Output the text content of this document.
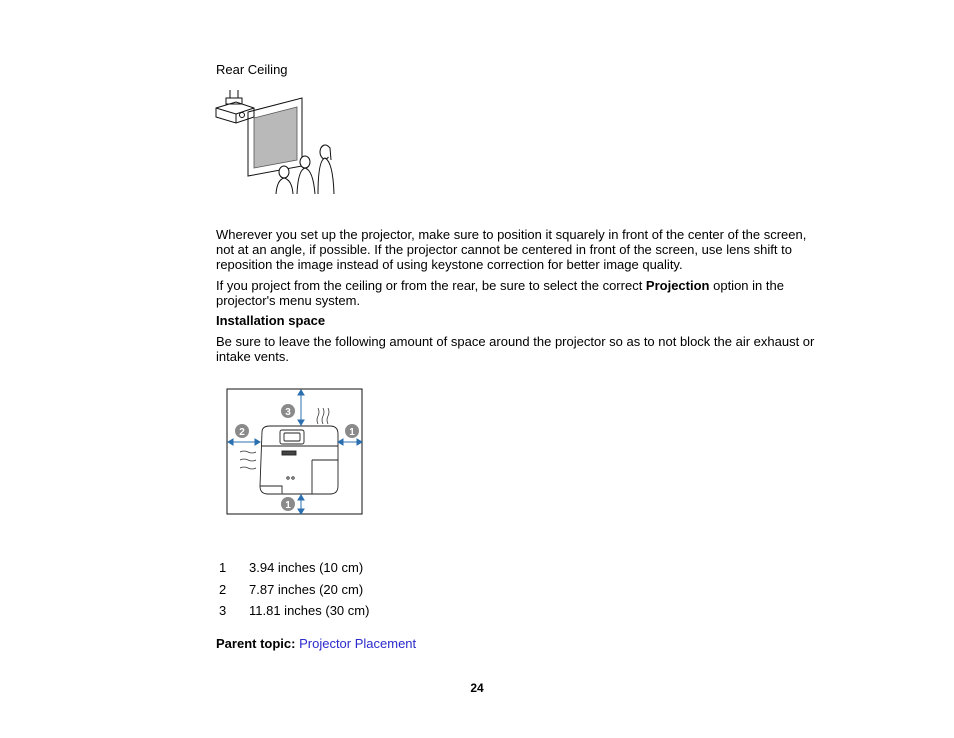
Rear Ceiling
Wherever you set up the projector, make sure to position it squarely in front of the center of the screen, not at an angle, if possible. If the projector cannot be centered in front of the screen, use lens shift to reposition the image instead of using keystone correction for better image quality.
If you project from the ceiling or from the rear, be sure to select the correct Projection option in the projector's menu system.
Installation space
Be sure to leave the following amount of space around the projector so as to not block the air exhaust or intake vents.
3
2	1
1
1 3.94 inches (10 cm)
2 7.87 inches (20 cm)
3 11.81 inches (30 cm)
Parent topic: Projector Placement
24
